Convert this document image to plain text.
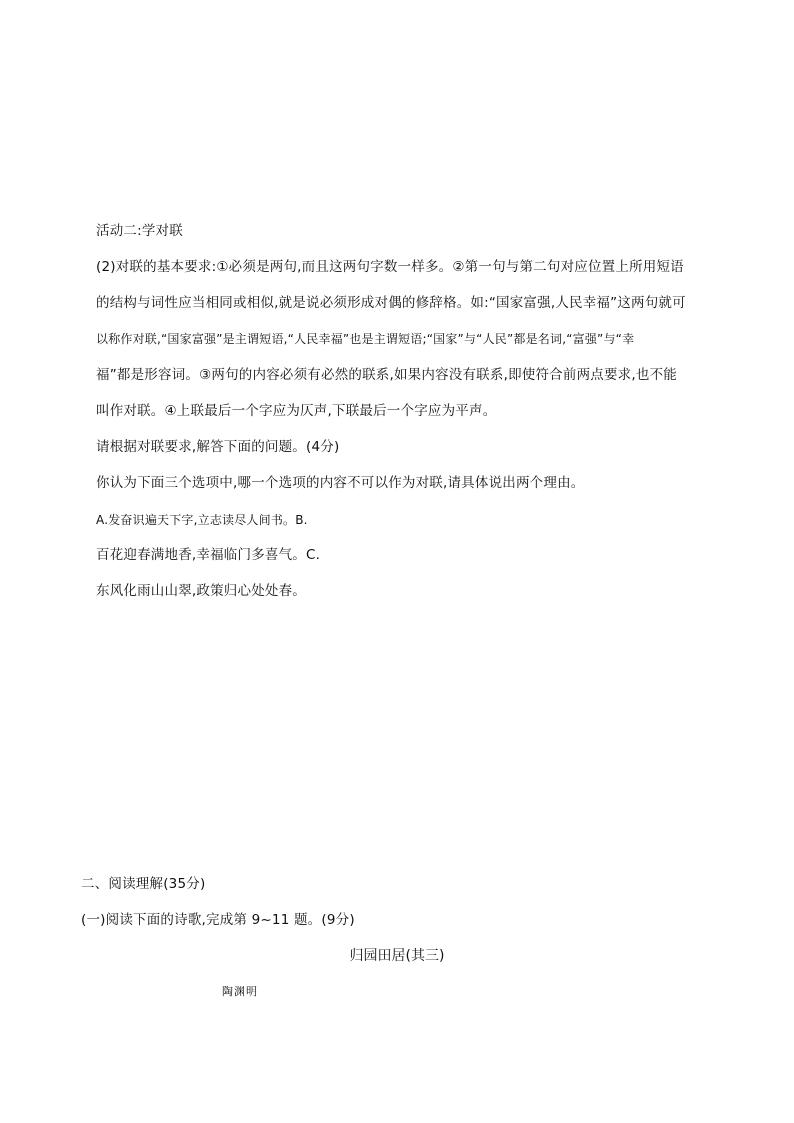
活动二:学对联
(2)对联的基本要求:①必须是两句,而且这两句字数一样多。②第一句与第二句对应位置上所用短语
的结构与词性应当相同或相似,就是说必须形成对偶的修辞格。如:“国家富强,人民幸福”这两句就可
以称作对联,“国家富强”是主谓短语,“人民幸福”也是主谓短语;“国家”与“人民”都是名词,“富强”与“幸
福”都是形容词。③两句的内容必须有必然的联系,如果内容没有联系,即使符合前两点要求,也不能
叫作对联。④上联最后一个字应为仄声,下联最后一个字应为平声。
请根据对联要求,解答下面的问题。(4分)
你认为下面三个选项中,哪一个选项的内容不可以作为对联,请具体说出两个理由。
A.发奋识遍天下字,立志读尽人间书。B.
百花迎春满地香,幸福临门多喜气。C.
东风化雨山山翠,政策归心处处春。
二、阅读理解(35分)
(一)阅读下面的诗歌,完成第 9~11 题。(9分)
归园田居(其三)
陶渊明
